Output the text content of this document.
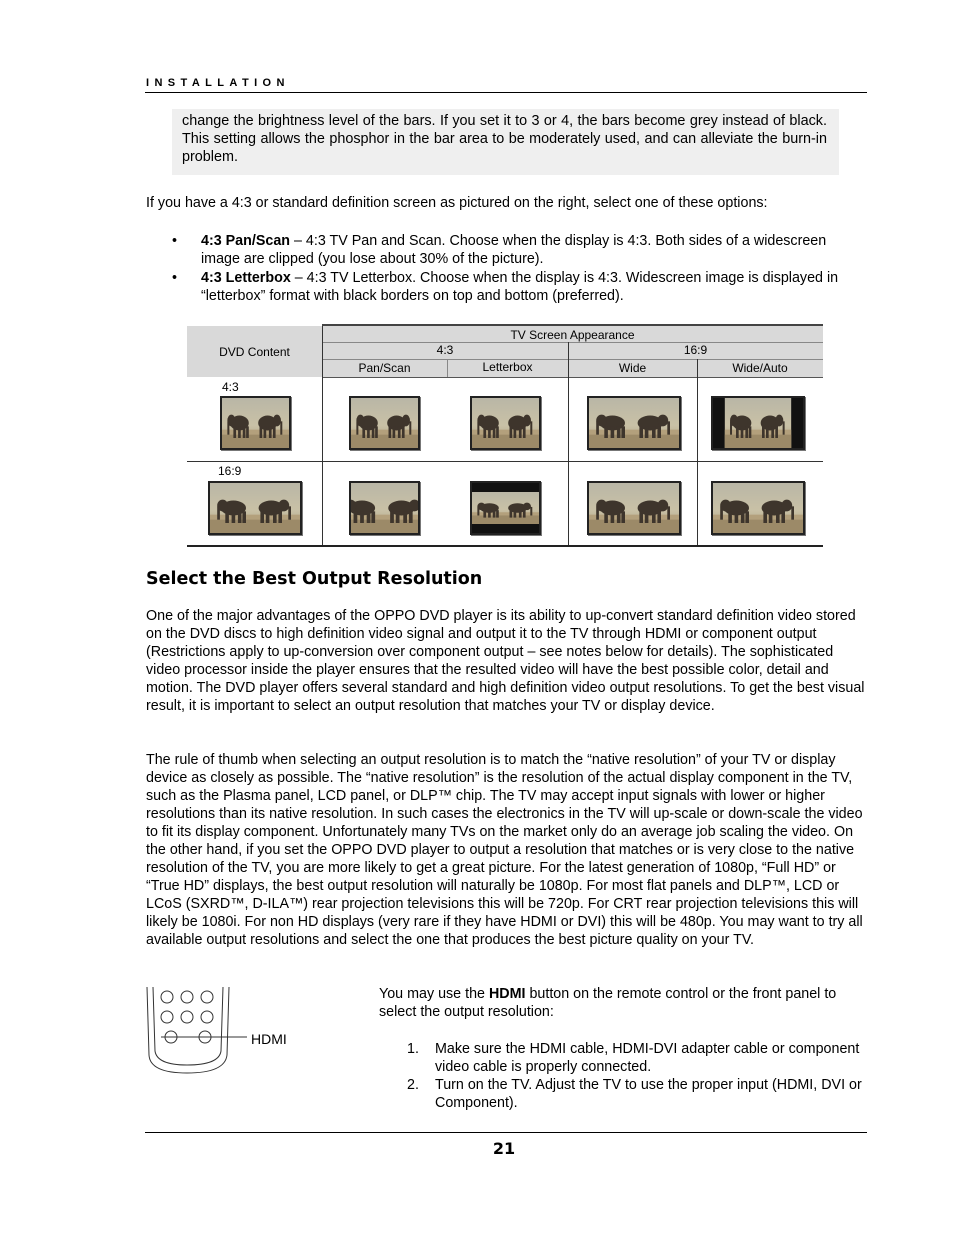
INSTALLATION
change the brightness level of the bars. If you set it to 3 or 4, the bars become grey instead of black. This setting allows the phosphor in the bar area to be moderately used, and can alleviate the burn-in problem.
If you have a 4:3 or standard definition screen as pictured on the right, select one of these options:
• 4:3 Pan/Scan – 4:3 TV Pan and Scan. Choose when the display is 4:3. Both sides of a widescreen image are clipped (you lose about 30% of the picture).
• 4:3 Letterbox – 4:3 TV Letterbox. Choose when the display is 4:3. Widescreen image is displayed in “letterbox” format with black borders on top and bottom (preferred).
DVD Content
TV Screen Appearance
4:3	16:9
Pan/Scan	Letterbox	Wide	Wide/Auto
4:3
16:9
Select the Best Output Resolution
One of the major advantages of the OPPO DVD player is its ability to up-convert standard definition video stored on the DVD discs to high definition video signal and output it to the TV through HDMI or component output (Restrictions apply to up-conversion over component output – see notes below for details). The sophisticated video processor inside the player ensures that the resulted video will have the best possible color, detail and motion. The DVD player offers several standard and high definition video output resolutions. To get the best visual result, it is important to select an output resolution that matches your TV or display device.
The rule of thumb when selecting an output resolution is to match the “native resolution” of your TV or display device as closely as possible. The “native resolution” is the resolution of the actual display component in the TV, such as the Plasma panel, LCD panel, or DLP™ chip. The TV may accept input signals with lower or higher resolutions than its native resolution. In such cases the electronics in the TV will up-scale or down-scale the video to fit its display component. Unfortunately many TVs on the market only do an average job scaling the video. On the other hand, if you set the OPPO DVD player to output a resolution that matches or is very close to the native resolution of the TV, you are more likely to get a great picture. For the latest generation of 1080p, “Full HD” or “True HD” displays, the best output resolution will naturally be 1080p. For most flat panels and DLP™, LCD or LCoS (SXRD™, D-ILA™) rear projection televisions this will be 720p. For CRT rear projection televisions this will likely be 1080i. For non HD displays (very rare if they have HDMI or DVI) this will be 480p. You may want to try all available output resolutions and select the one that produces the best picture quality on your TV.
HDMI
You may use the HDMI button on the remote control or the front panel to select the output resolution:
1. Make sure the HDMI cable, HDMI-DVI adapter cable or component video cable is properly connected.
2. Turn on the TV. Adjust the TV to use the proper input (HDMI, DVI or Component).
21
